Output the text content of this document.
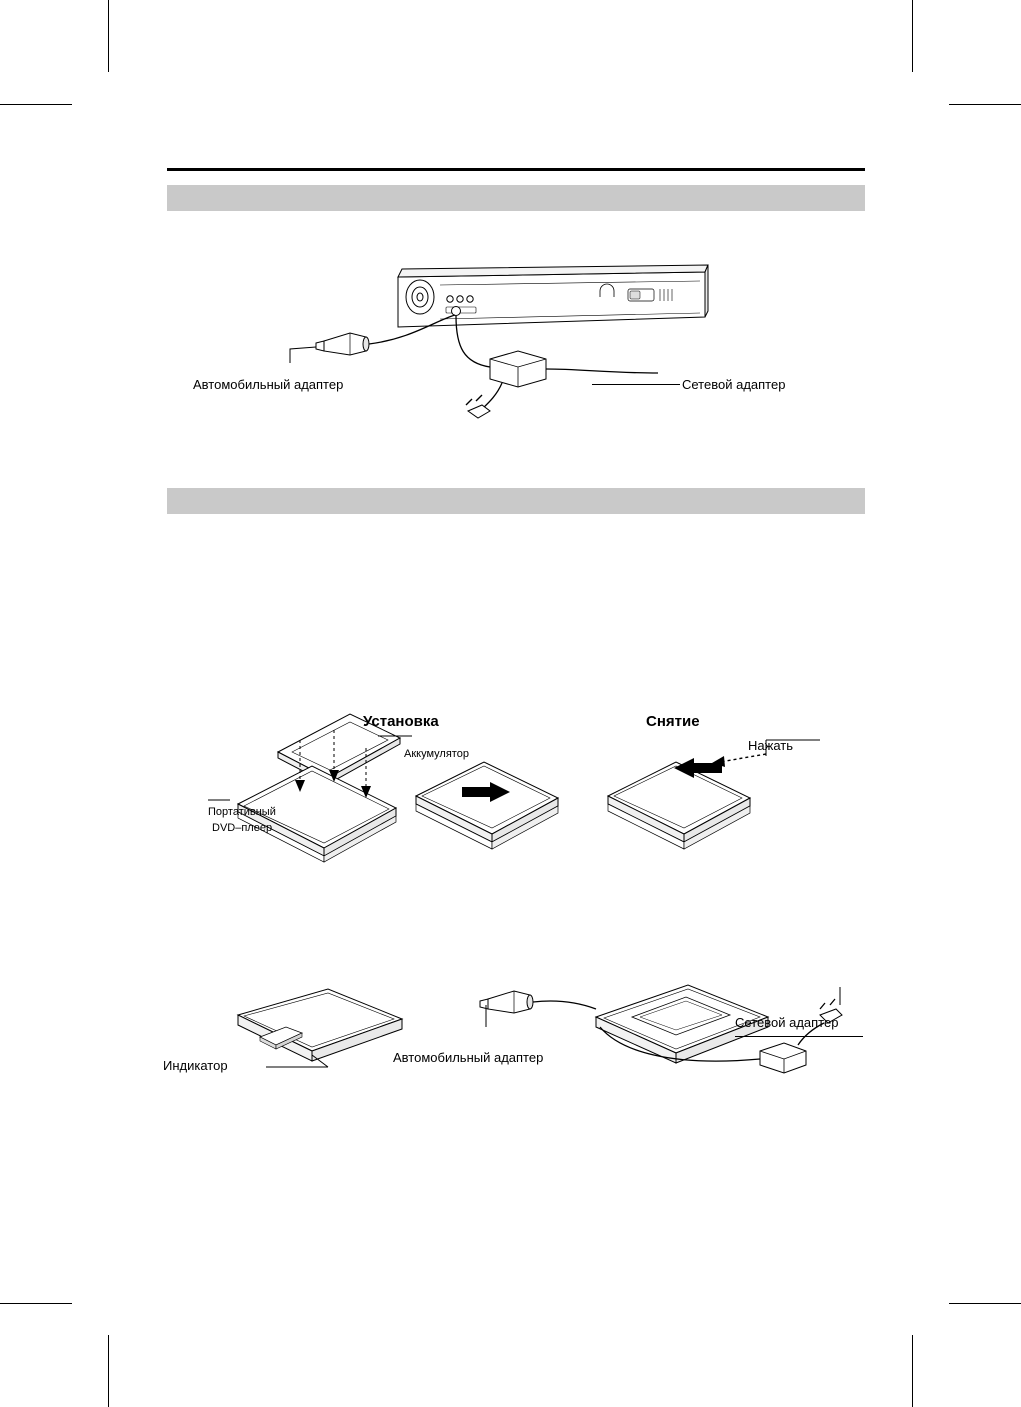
Автомобильный адаптер	Сетевой адаптер
Установка	Снятие
Аккумулятор
Нажать
Портативный
DVD–плеер
Индикатор
Автомобильный адаптер
Сетевой адаптер
